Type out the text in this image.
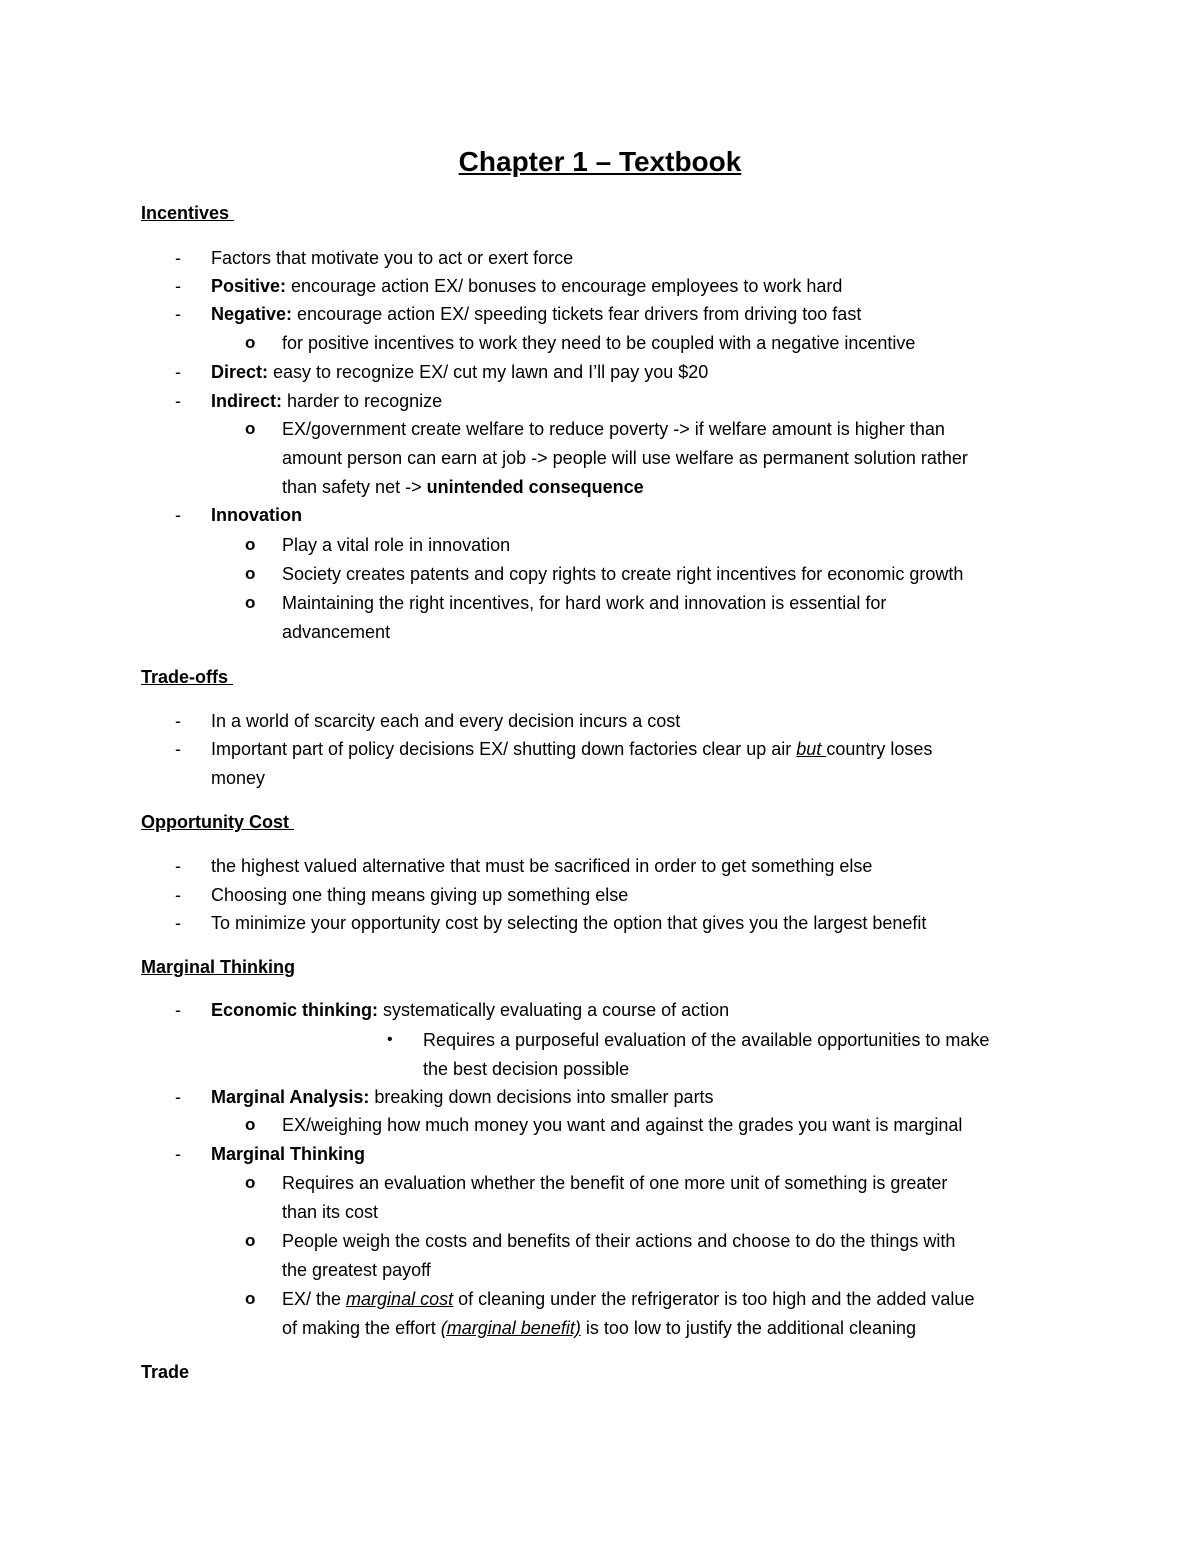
Chapter 1 – Textbook
Incentives
- Factors that motivate you to act or exert force
- Positive: encourage action EX/ bonuses to encourage employees to work hard
- Negative: encourage action EX/ speeding tickets fear drivers from driving too fast
o for positive incentives to work they need to be coupled with a negative incentive
- Direct: easy to recognize EX/ cut my lawn and I’ll pay you $20
- Indirect: harder to recognize
o EX/government create welfare to reduce poverty -> if welfare amount is higher than
amount person can earn at job -> people will use welfare as permanent solution rather
than safety net -> unintended consequence
- Innovation
o Play a vital role in innovation
o Society creates patents and copy rights to create right incentives for economic growth
o Maintaining the right incentives, for hard work and innovation is essential for
advancement
Trade-offs
- In a world of scarcity each and every decision incurs a cost
- Important part of policy decisions EX/ shutting down factories clear up air but country loses
money
Opportunity Cost
- the highest valued alternative that must be sacrificed in order to get something else
- Choosing one thing means giving up something else
- To minimize your opportunity cost by selecting the option that gives you the largest benefit
Marginal Thinking
- Economic thinking: systematically evaluating a course of action
• Requires a purposeful evaluation of the available opportunities to make
the best decision possible
- Marginal Analysis: breaking down decisions into smaller parts
o EX/weighing how much money you want and against the grades you want is marginal
- Marginal Thinking
o Requires an evaluation whether the benefit of one more unit of something is greater
than its cost
o People weigh the costs and benefits of their actions and choose to do the things with
the greatest payoff
o EX/ the marginal cost of cleaning under the refrigerator is too high and the added value
of making the effort (marginal benefit) is too low to justify the additional cleaning
Trade
